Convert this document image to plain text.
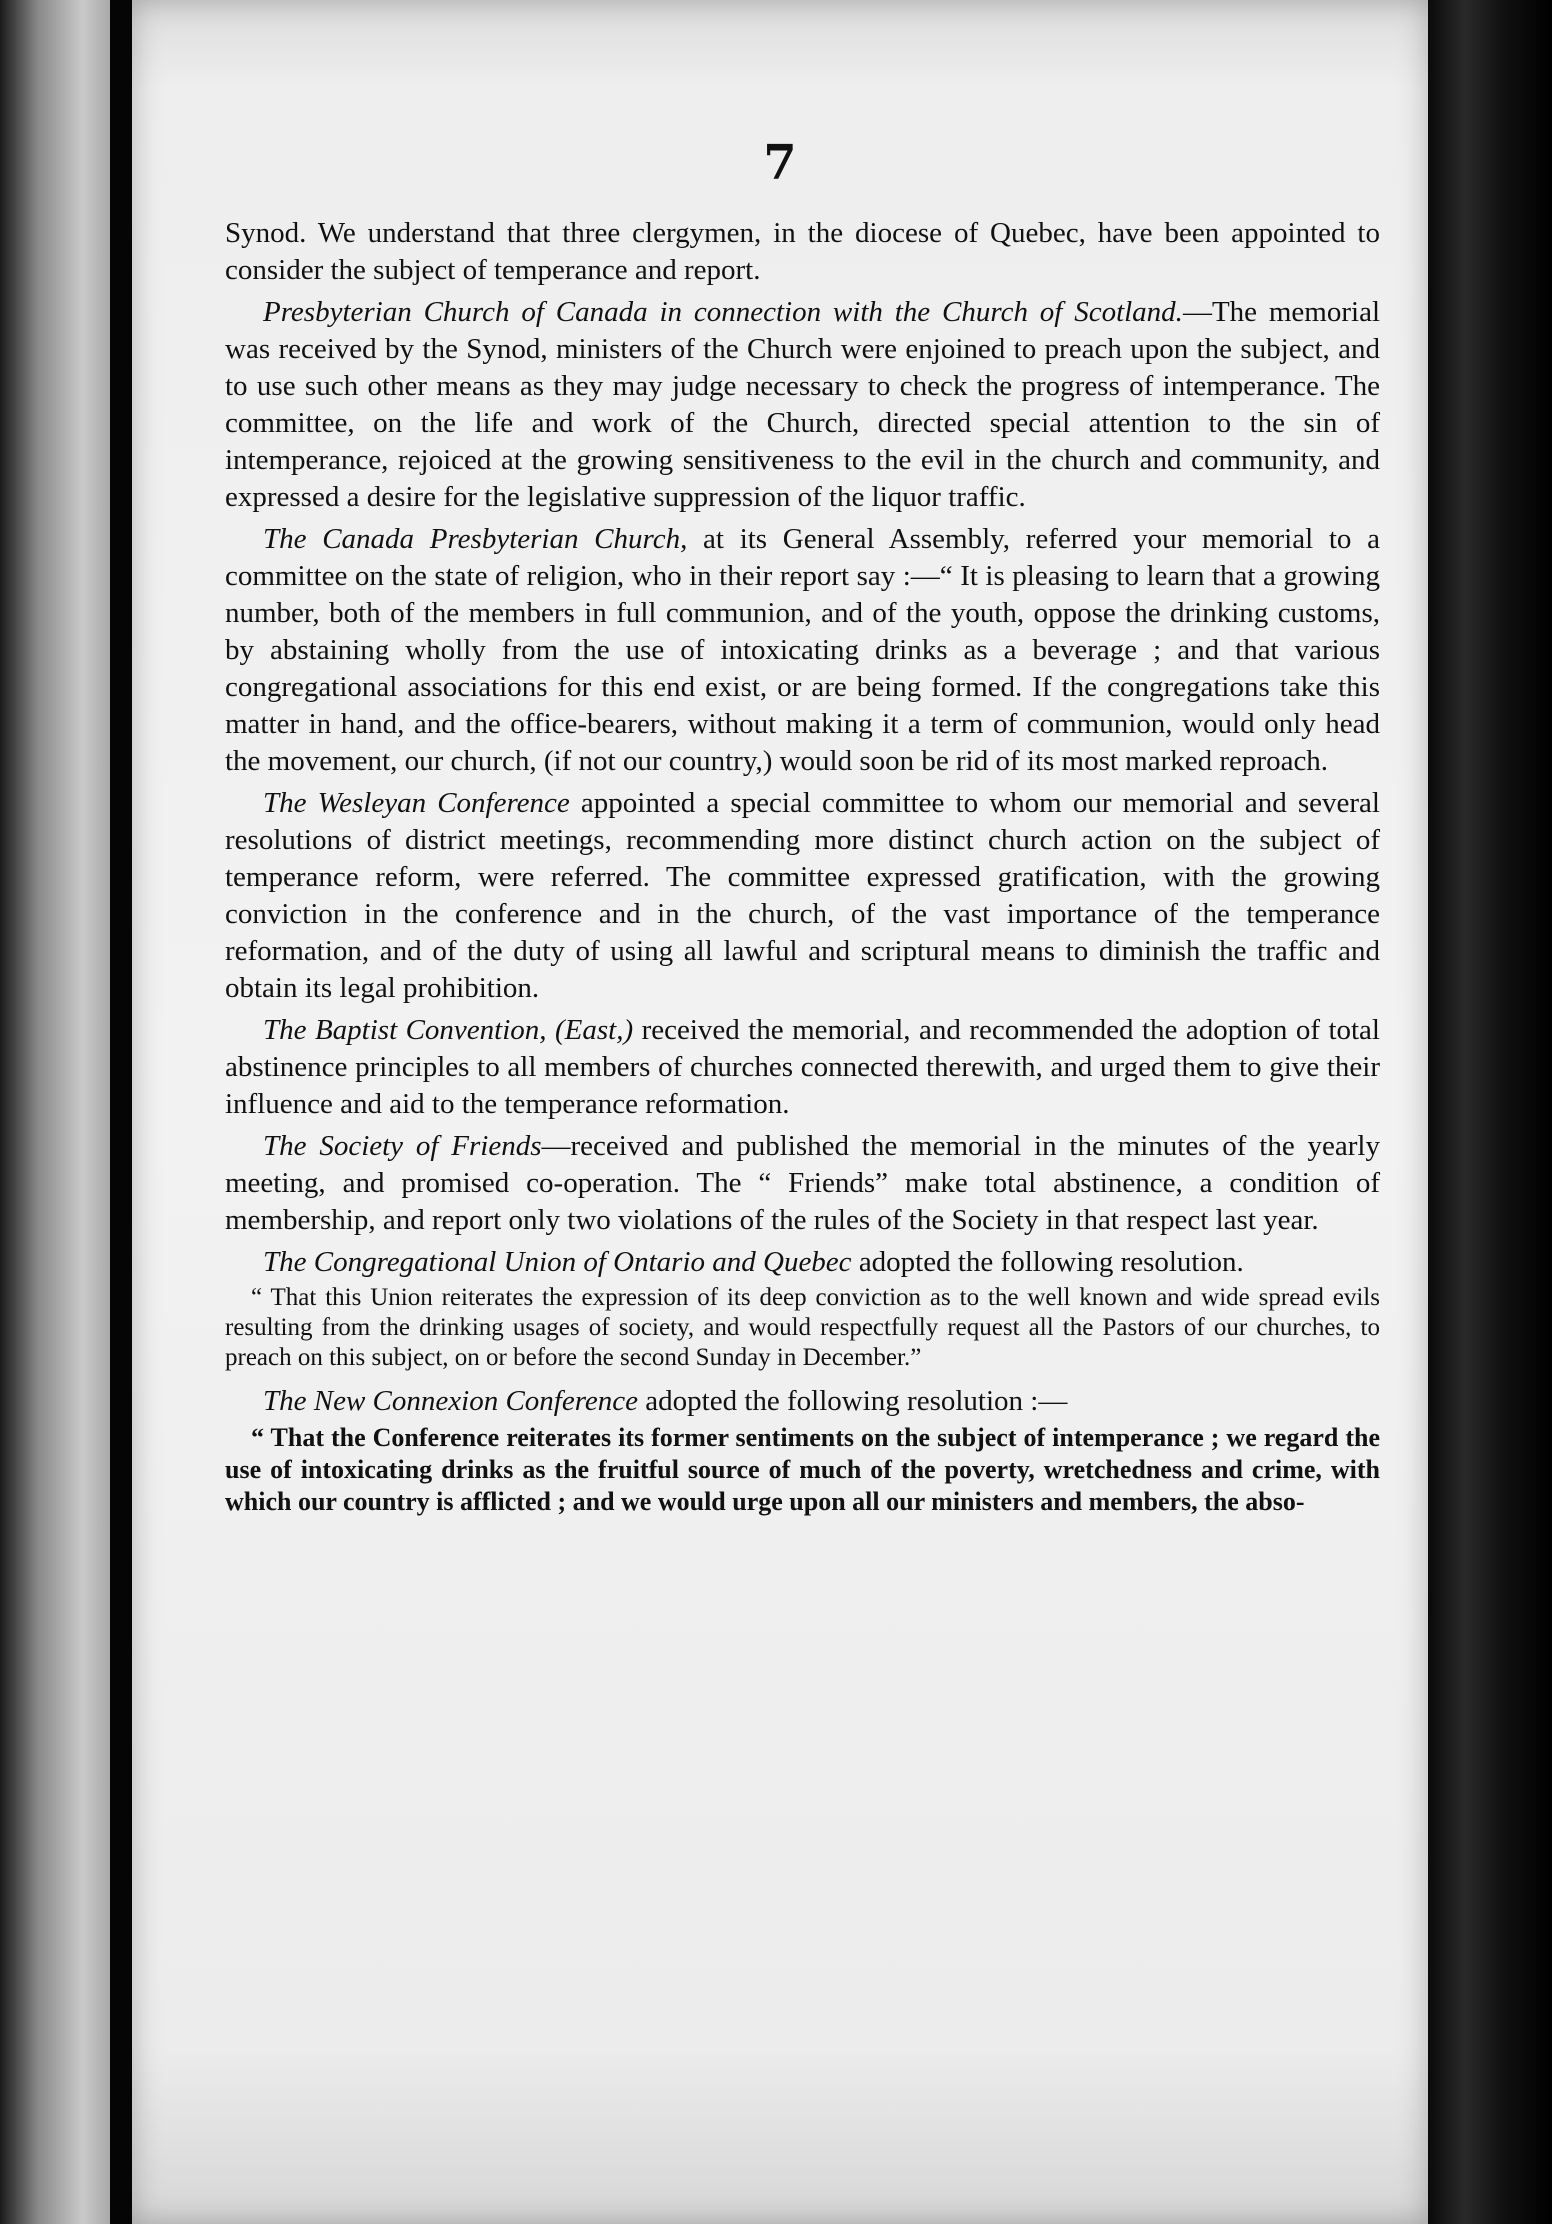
7

Synod. We understand that three clergymen, in the diocese of Quebec, have been appointed to consider the subject of temperance and report.

Presbyterian Church of Canada in connection with the Church of Scotland.—The memorial was received by the Synod, ministers of the Church were enjoined to preach upon the subject, and to use such other means as they may judge necessary to check the progress of intemperance. The committee, on the life and work of the Church, directed special attention to the sin of intemperance, rejoiced at the growing sensitiveness to the evil in the church and community, and expressed a desire for the legislative suppression of the liquor traffic.

The Canada Presbyterian Church, at its General Assembly, referred your memorial to a committee on the state of religion, who in their report say :—“ It is pleasing to learn that a growing number, both of the members in full communion, and of the youth, oppose the drinking customs, by abstaining wholly from the use of intoxicating drinks as a beverage ; and that various congregational associations for this end exist, or are being formed. If the congregations take this matter in hand, and the office-bearers, without making it a term of communion, would only head the movement, our church, (if not our country,) would soon be rid of its most marked reproach.

The Wesleyan Conference appointed a special committee to whom our memorial and several resolutions of district meetings, recommending more distinct church action on the subject of temperance reform, were referred. The committee expressed gratification, with the growing conviction in the conference and in the church, of the vast importance of the temperance reformation, and of the duty of using all lawful and scriptural means to diminish the traffic and obtain its legal prohibition.

The Baptist Convention, (East,) received the memorial, and recommended the adoption of total abstinence principles to all members of churches connected therewith, and urged them to give their influence and aid to the temperance reformation.

The Society of Friends—received and published the memorial in the minutes of the yearly meeting, and promised co-operation. The “ Friends” make total abstinence, a condition of membership, and report only two violations of the rules of the Society in that respect last year.

The Congregational Union of Ontario and Quebec adopted the following resolution.

“ That this Union reiterates the expression of its deep conviction as to the well known and wide spread evils resulting from the drinking usages of society, and would respectfully request all the Pastors of our churches, to preach on this subject, on or before the second Sunday in December.”

The New Connexion Conference adopted the following resolution :—

“ That the Conference reiterates its former sentiments on the subject of intemperance ; we regard the use of intoxicating drinks as the fruitful source of much of the poverty, wretchedness and crime, with which our country is afflicted ; and we would urge upon all our ministers and members, the abso-
